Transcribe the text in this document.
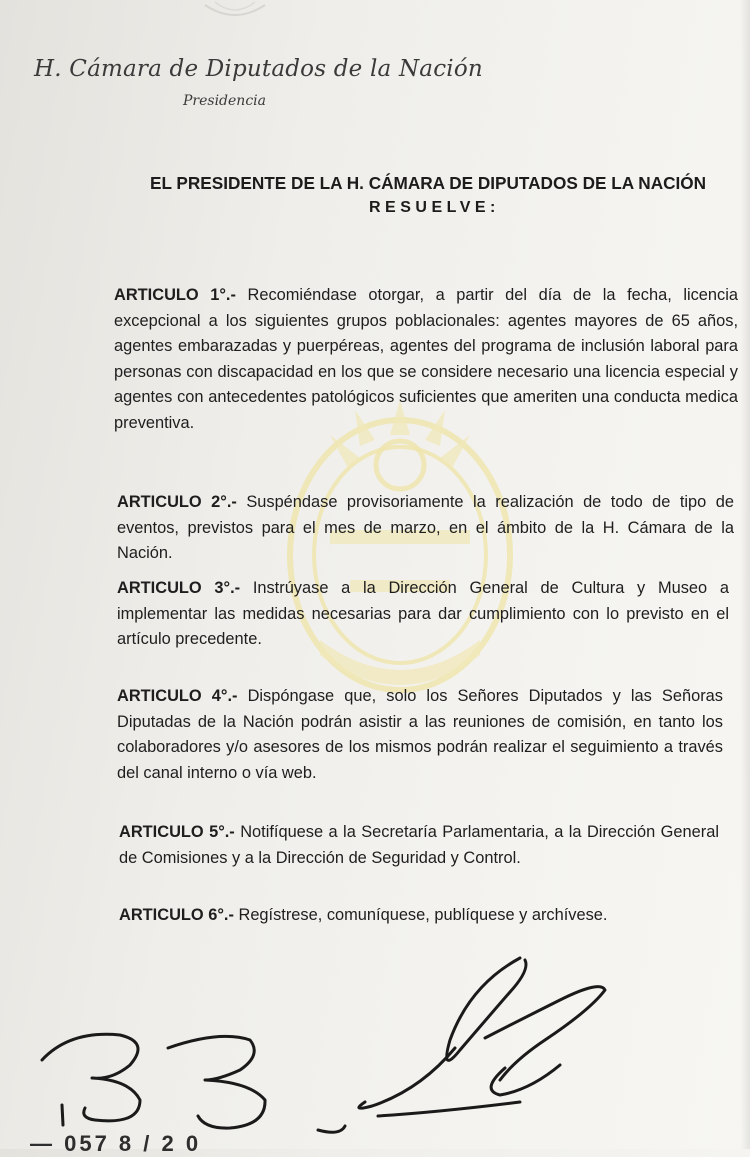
H. Cámara de Diputados de la Nación
Presidencia
EL PRESIDENTE DE LA H. CÁMARA DE DIPUTADOS DE LA NACIÓN
RESUELVE:
ARTICULO 1°.- Recomiéndase otorgar, a partir del día de la fecha, licencia excepcional a los siguientes grupos poblacionales: agentes mayores de 65 años, agentes embarazadas y puerpéreas, agentes del programa de inclusión laboral para personas con discapacidad en los que se considere necesario una licencia especial y agentes con antecedentes patológicos suficientes que ameriten una conducta medica preventiva.
ARTICULO 2°.- Suspéndase provisoriamente la realización de todo de tipo de eventos, previstos para el mes de marzo, en el ámbito de la H. Cámara de la Nación.
ARTICULO 3°.- Instrúyase a la Dirección General de Cultura y Museo a implementar las medidas necesarias para dar cumplimiento con lo previsto en el artículo precedente.
ARTICULO 4°.- Dispóngase que, solo los Señores Diputados y las Señoras Diputadas de la Nación podrán asistir a las reuniones de comisión, en tanto los colaboradores y/o asesores de los mismos podrán realizar el seguimiento a través del canal interno o vía web.
ARTICULO 5°.- Notifíquese a la Secretaría Parlamentaria, a la Dirección General de Comisiones y a la Dirección de Seguridad y Control.
ARTICULO 6°.- Regístrese, comuníquese, publíquese y archívese.
— 057 8 / 2 0
